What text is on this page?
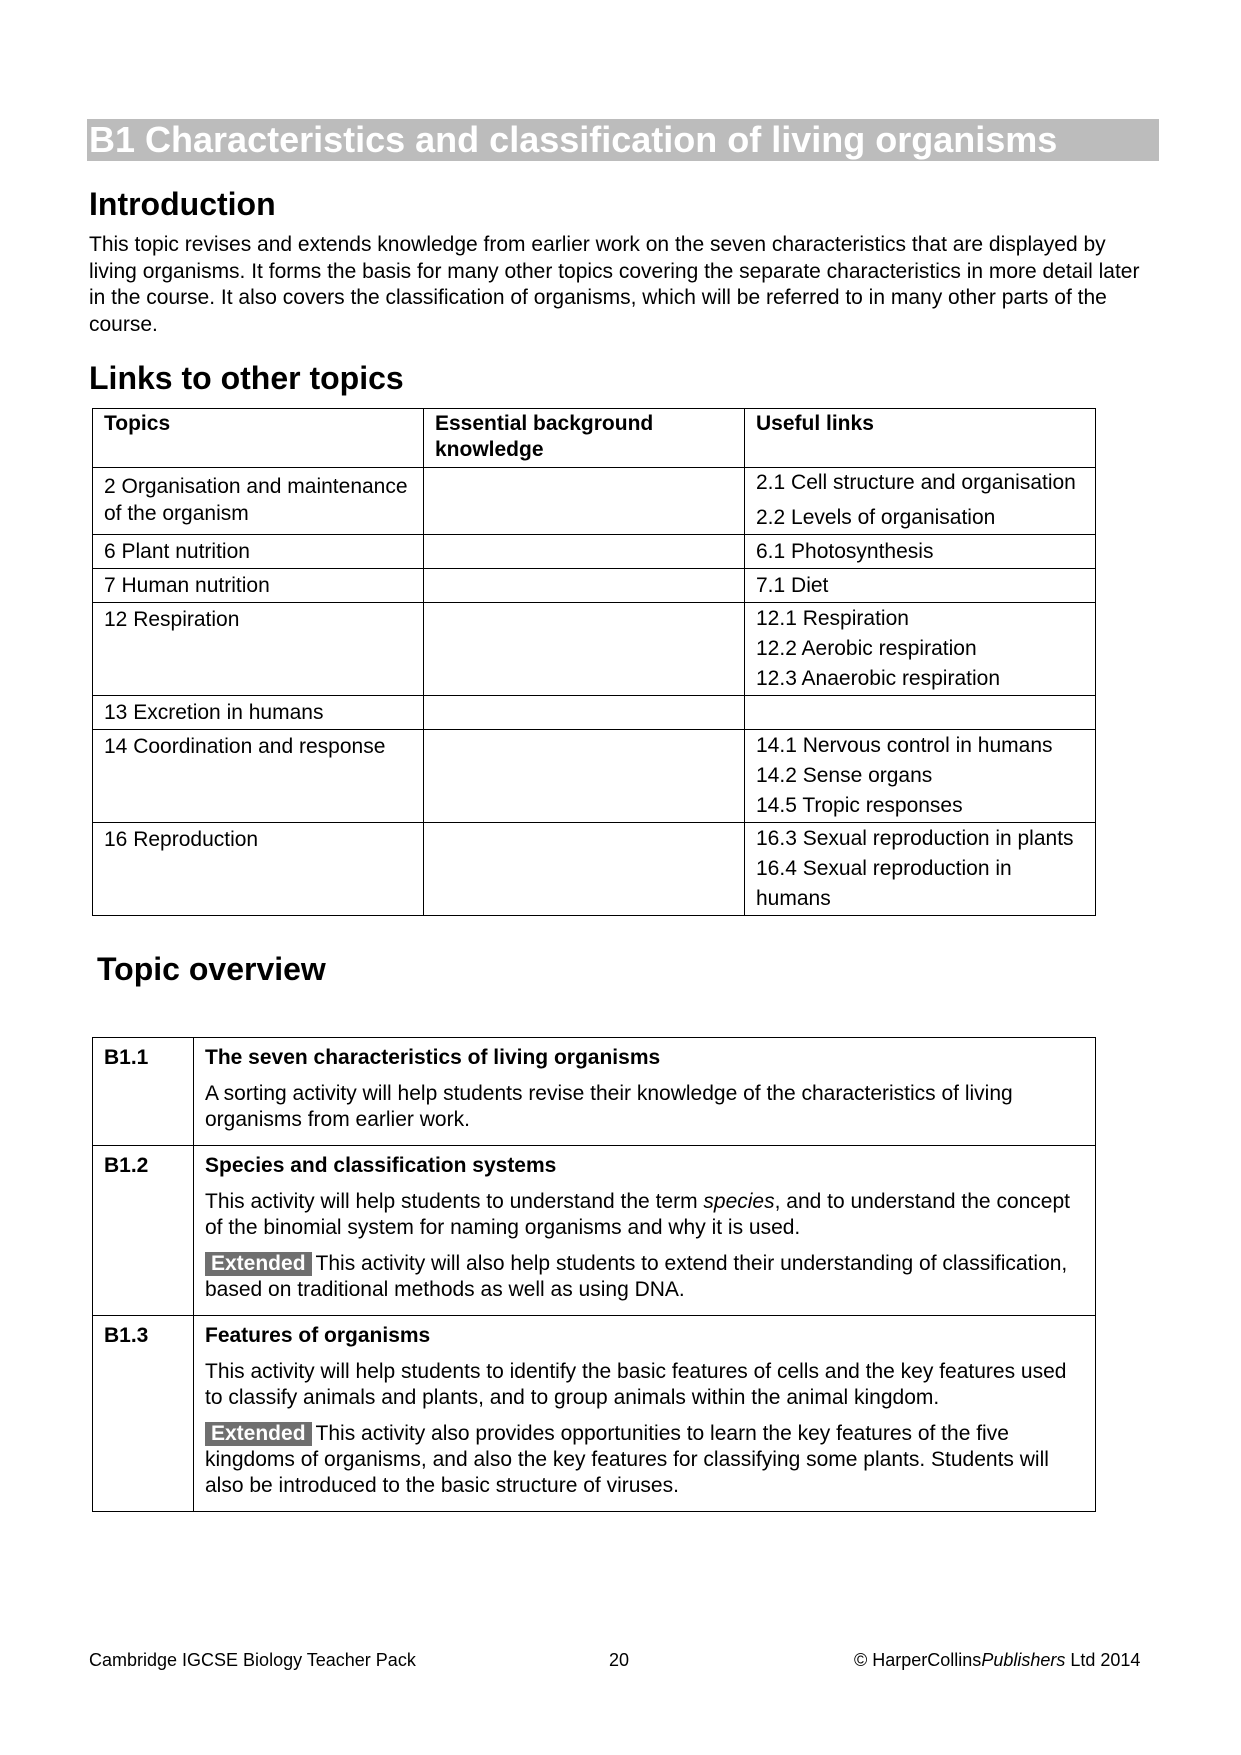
B1 Characteristics and classification of living organisms
Introduction

This topic revises and extends knowledge from earlier work on the seven characteristics that are displayed by living organisms. It forms the basis for many other topics covering the separate characteristics in more detail later in the course. It also covers the classification of organisms, which will be referred to in many other parts of the course.

Links to other topics
Topics	Essential background knowledge	Useful links
2 Organisation and maintenance of the organism		2.1 Cell structure and organisation
2.2 Levels of organisation

6 Plant nutrition		6.1 Photosynthesis

7 Human nutrition		7.1 Diet

12 Respiration		12.1 Respiration
12.2 Aerobic respiration
12.3 Anaerobic respiration

13 Excretion in humans		
14 Coordination and response		14.1 Nervous control in humans
14.2 Sense organs
14.5 Tropic responses

16 Reproduction		16.3 Sexual reproduction in plants
16.4 Sexual reproduction in humans
Topic overview
B1.1	The seven characteristics of living organisms

A sorting activity will help students revise their knowledge of the characteristics of living organisms from earlier work.

B1.2	Species and classification systems

This activity will help students to understand the term species, and to understand the concept of the binomial system for naming organisms and why it is used.

Extended This activity will also help students to extend their understanding of classification, based on traditional methods as well as using DNA.

B1.3	Features of organisms

This activity will help students to identify the basic features of cells and the key features used to classify animals and plants, and to group animals within the animal kingdom.

Extended This activity also provides opportunities to learn the key features of the five kingdoms of organisms, and also the key features for classifying some plants. Students will also be introduced to the basic structure of viruses.

Cambridge IGCSE Biology Teacher Pack	20	© HarperCollinsPublishers Ltd 2014
